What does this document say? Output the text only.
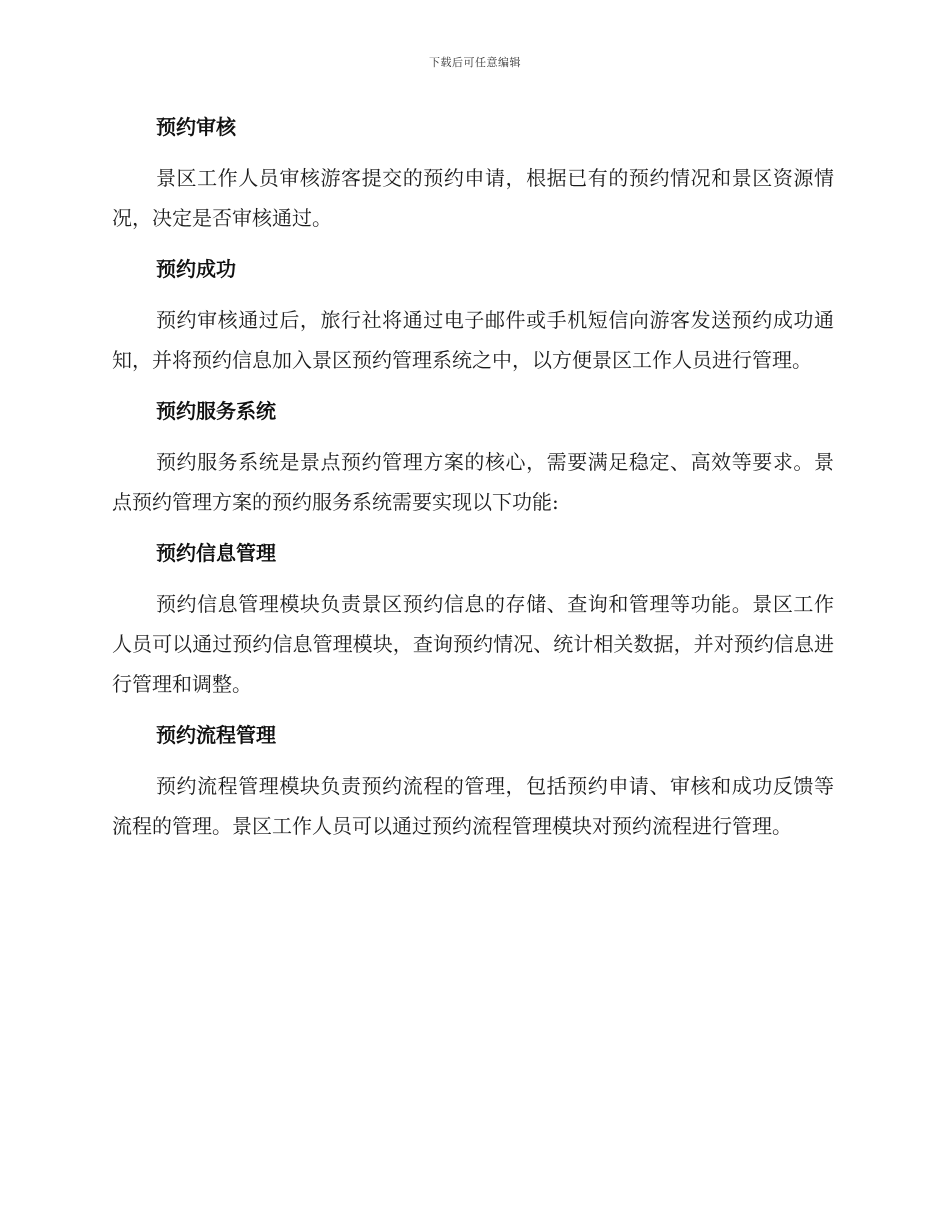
下载后可任意编辑
预约审核

景区工作人员审核游客提交的预约申请，根据已有的预约情况和景区资源情况，决定是否审核通过。

预约成功

预约审核通过后，旅行社将通过电子邮件或手机短信向游客发送预约成功通知，并将预约信息加入景区预约管理系统之中，以方便景区工作人员进行管理。

预约服务系统

预约服务系统是景点预约管理方案的核心，需要满足稳定、高效等要求。景点预约管理方案的预约服务系统需要实现以下功能:

预约信息管理

预约信息管理模块负责景区预约信息的存储、查询和管理等功能。景区工作人员可以通过预约信息管理模块，查询预约情况、统计相关数据，并对预约信息进行管理和调整。

预约流程管理

预约流程管理模块负责预约流程的管理，包括预约申请、审核和成功反馈等流程的管理。景区工作人员可以通过预约流程管理模块对预约流程进行管理。
